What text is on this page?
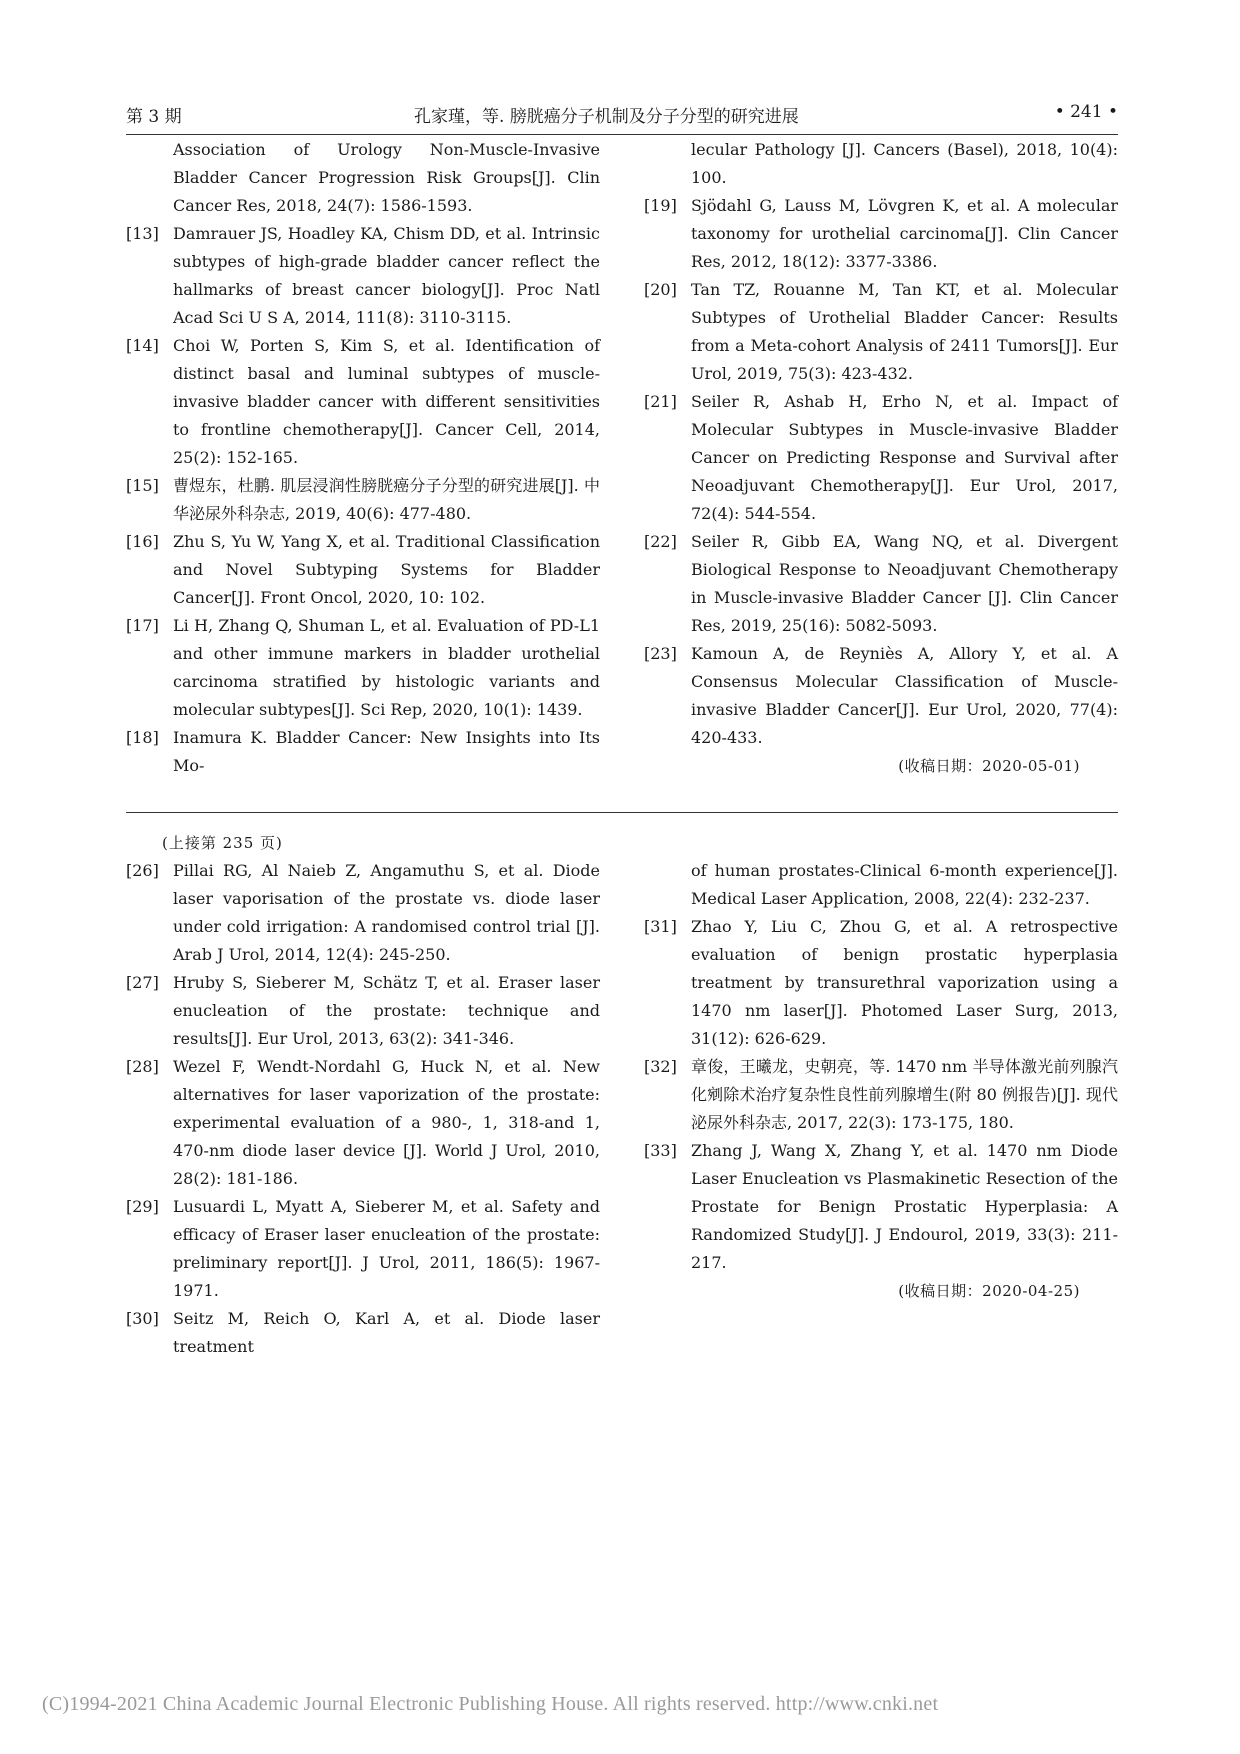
第 3 期	孔家瑾，等. 膀胱癌分子机制及分子分型的研究进展	• 241 •
Association of Urology Non-Muscle-Invasive Bladder Cancer Progression Risk Groups[J]. Clin Cancer Res, 2018, 24(7): 1586-1593.
[13] Damrauer JS, Hoadley KA, Chism DD, et al. Intrinsic subtypes of high-grade bladder cancer reflect the hallmarks of breast cancer biology[J]. Proc Natl Acad Sci U S A, 2014, 111(8): 3110-3115.
[14] Choi W, Porten S, Kim S, et al. Identification of distinct basal and luminal subtypes of muscle-invasive bladder cancer with different sensitivities to frontline chemotherapy[J]. Cancer Cell, 2014, 25(2): 152-165.
[15] 曹煜东，杜鹏. 肌层浸润性膀胱癌分子分型的研究进展[J]. 中华泌尿外科杂志, 2019, 40(6): 477-480.
[16] Zhu S, Yu W, Yang X, et al. Traditional Classification and Novel Subtyping Systems for Bladder Cancer[J]. Front Oncol, 2020, 10: 102.
[17] Li H, Zhang Q, Shuman L, et al. Evaluation of PD-L1 and other immune markers in bladder urothelial carcinoma stratified by histologic variants and molecular subtypes[J]. Sci Rep, 2020, 10(1): 1439.
[18] Inamura K. Bladder Cancer: New Insights into Its Mo-
lecular Pathology [J]. Cancers (Basel), 2018, 10(4): 100.
[19] Sjödahl G, Lauss M, Lövgren K, et al. A molecular taxonomy for urothelial carcinoma[J]. Clin Cancer Res, 2012, 18(12): 3377-3386.
[20] Tan TZ, Rouanne M, Tan KT, et al. Molecular Subtypes of Urothelial Bladder Cancer: Results from a Meta-cohort Analysis of 2411 Tumors[J]. Eur Urol, 2019, 75(3): 423-432.
[21] Seiler R, Ashab H, Erho N, et al. Impact of Molecular Subtypes in Muscle-invasive Bladder Cancer on Predicting Response and Survival after Neoadjuvant Chemotherapy[J]. Eur Urol, 2017, 72(4): 544-554.
[22] Seiler R, Gibb EA, Wang NQ, et al. Divergent Biological Response to Neoadjuvant Chemotherapy in Muscle-invasive Bladder Cancer [J]. Clin Cancer Res, 2019, 25(16): 5082-5093.
[23] Kamoun A, de Reyniès A, Allory Y, et al. A Consensus Molecular Classification of Muscle-invasive Bladder Cancer[J]. Eur Urol, 2020, 77(4): 420-433.
(收稿日期：2020-05-01)
(上接第 235 页)
[26] Pillai RG, Al Naieb Z, Angamuthu S, et al. Diode laser vaporisation of the prostate vs. diode laser under cold irrigation: A randomised control trial [J]. Arab J Urol, 2014, 12(4): 245-250.
[27] Hruby S, Sieberer M, Schätz T, et al. Eraser laser enucleation of the prostate: technique and results[J]. Eur Urol, 2013, 63(2): 341-346.
[28] Wezel F, Wendt-Nordahl G, Huck N, et al. New alternatives for laser vaporization of the prostate: experimental evaluation of a 980-, 1, 318-and 1, 470-nm diode laser device [J]. World J Urol, 2010, 28(2): 181-186.
[29] Lusuardi L, Myatt A, Sieberer M, et al. Safety and efficacy of Eraser laser enucleation of the prostate: preliminary report[J]. J Urol, 2011, 186(5): 1967-1971.
[30] Seitz M, Reich O, Karl A, et al. Diode laser treatment
of human prostates-Clinical 6-month experience[J]. Medical Laser Application, 2008, 22(4): 232-237.
[31] Zhao Y, Liu C, Zhou G, et al. A retrospective evaluation of benign prostatic hyperplasia treatment by transurethral vaporization using a 1470 nm laser[J]. Photomed Laser Surg, 2013, 31(12): 626-629.
[32] 章俊，王曦龙，史朝亮，等. 1470 nm 半导体激光前列腺汽化剜除术治疗复杂性良性前列腺增生(附 80 例报告)[J]. 现代泌尿外科杂志, 2017, 22(3): 173-175, 180.
[33] Zhang J, Wang X, Zhang Y, et al. 1470 nm Diode Laser Enucleation vs Plasmakinetic Resection of the Prostate for Benign Prostatic Hyperplasia: A Randomized Study[J]. J Endourol, 2019, 33(3): 211-217.
(收稿日期：2020-04-25)
(C)1994-2021 China Academic Journal Electronic Publishing House. All rights reserved. http://www.cnki.net
